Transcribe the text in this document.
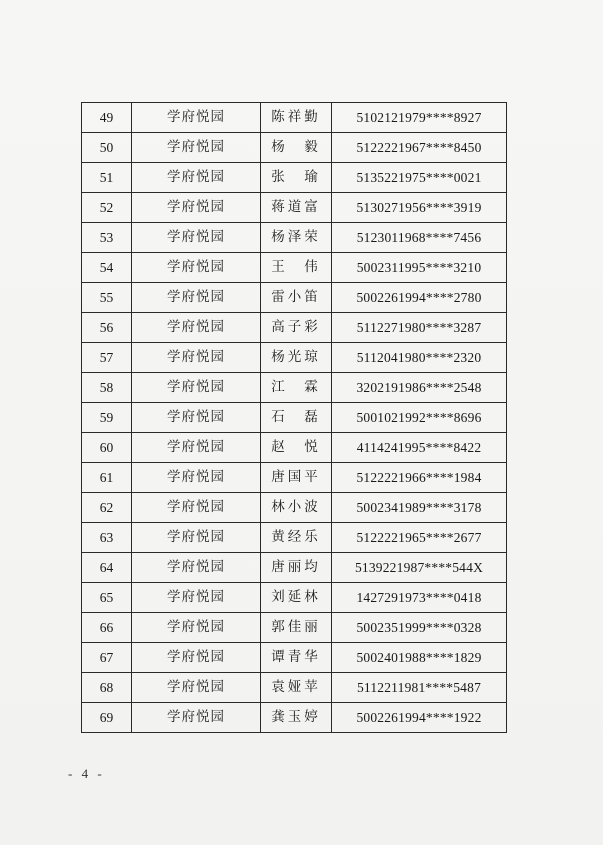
49	学府悦园	陈祥勤	5102121979****8927
50	学府悦园	杨　毅	5122221967****8450
51	学府悦园	张　瑜	5135221975****0021
52	学府悦园	蒋道富	5130271956****3919
53	学府悦园	杨泽荣	5123011968****7456
54	学府悦园	王　伟	5002311995****3210
55	学府悦园	雷小笛	5002261994****2780
56	学府悦园	高子彩	5112271980****3287
57	学府悦园	杨光琼	5112041980****2320
58	学府悦园	江　霖	3202191986****2548
59	学府悦园	石　磊	5001021992****8696
60	学府悦园	赵　悦	4114241995****8422
61	学府悦园	唐国平	5122221966****1984
62	学府悦园	林小波	5002341989****3178
63	学府悦园	黄经乐	5122221965****2677
64	学府悦园	唐丽均	5139221987****544X
65	学府悦园	刘延林	1427291973****0418
66	学府悦园	郭佳丽	5002351999****0328
67	学府悦园	谭青华	5002401988****1829
68	学府悦园	袁娅苹	5112211981****5487
69	学府悦园	龚玉婷	5002261994****1922
- 4 -
